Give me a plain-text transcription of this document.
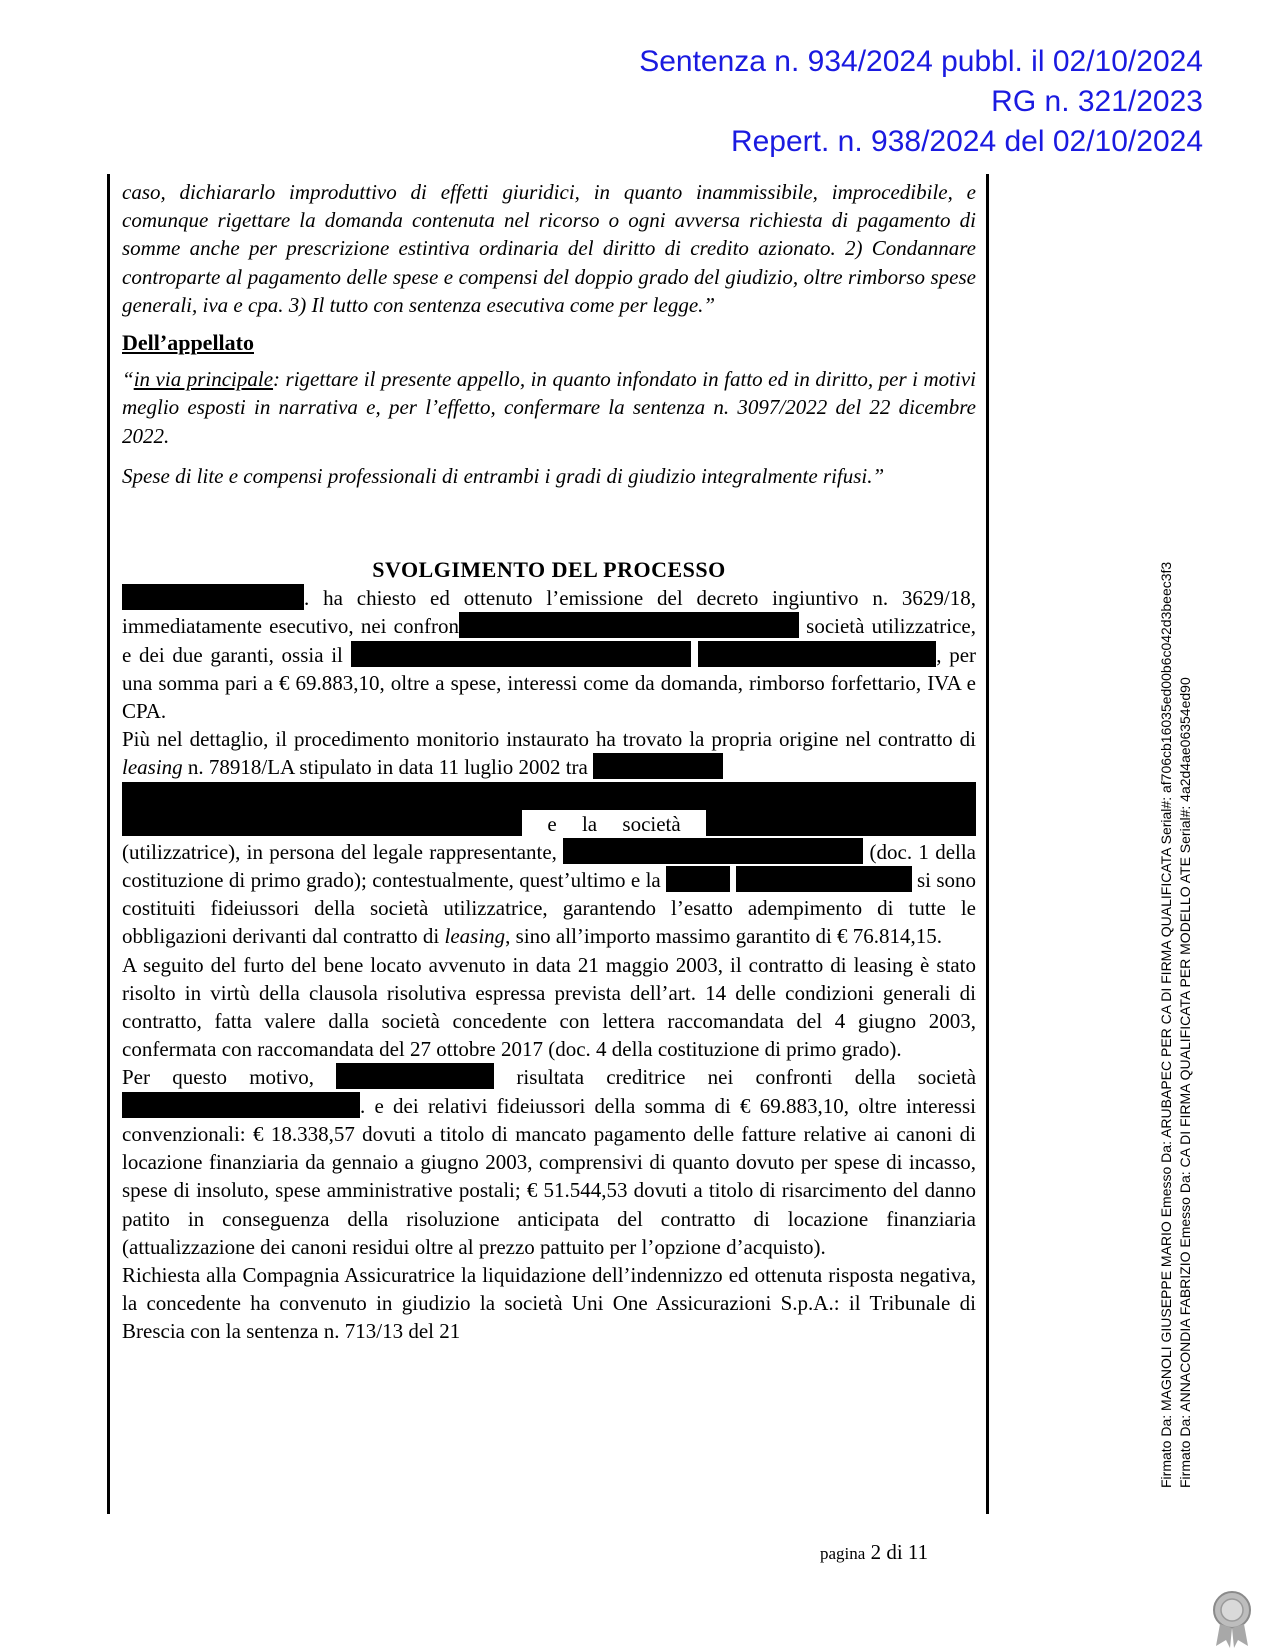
Sentenza n. 934/2024 pubbl. il 02/10/2024
RG n. 321/2023
Repert. n. 938/2024 del 02/10/2024

caso, dichiararlo improduttivo di effetti giuridici, in quanto inammissibile, improcedibile, e comunque rigettare la domanda contenuta nel ricorso o ogni avversa richiesta di pagamento di somme anche per prescrizione estintiva ordinaria del diritto di credito azionato. 2) Condannare controparte al pagamento delle spese e compensi del doppio grado del giudizio, oltre rimborso spese generali, iva e cpa. 3) Il tutto con sentenza esecutiva come per legge.”

Dell’appellato

“in via principale: rigettare il presente appello, in quanto infondato in fatto ed in diritto, per i motivi meglio esposti in narrativa e, per l’effetto, confermare la sentenza n. 3097/2022 del 22 dicembre 2022.

Spese di lite e compensi professionali di entrambi i gradi di giudizio integralmente rifusi.”

SVOLGIMENTO DEL PROCESSO

. ha chiesto ed ottenuto l’emissione del decreto ingiuntivo n. 3629/18, immediatamente esecutivo, nei confron	società utilizzatrice, e dei due garanti, ossia il	, per una somma pari a € 69.883,10, oltre a spese, interessi come da domanda, rimborso forfettario, IVA e CPA.

Più nel dettaglio, il procedimento monitorio instaurato ha trovato la propria origine nel contratto di leasing n. 78918/LA stipulato in data 11 luglio 2002 tra
e la società  (utilizzatrice), in persona del legale rappresentante,	(doc. 1 della costituzione di primo grado); contestualmente, quest’ultimo e la	si sono costituiti fideiussori della società utilizzatrice, garantendo l’esatto adempimento di tutte le obbligazioni derivanti dal contratto di leasing, sino all’importo massimo garantito di € 76.814,15.

A seguito del furto del bene locato avvenuto in data 21 maggio 2003, il contratto di leasing è stato risolto in virtù della clausola risolutiva espressa prevista dell’art. 14 delle condizioni generali di contratto, fatta valere dalla società concedente con lettera raccomandata del 4 giugno 2003, confermata con raccomandata del 27 ottobre 2017 (doc. 4 della costituzione di primo grado).

Per questo motivo,	risultata creditrice nei confronti della società . e dei relativi fideiussori della somma di € 69.883,10, oltre interessi convenzionali: € 18.338,57 dovuti a titolo di mancato pagamento delle fatture relative ai canoni di locazione finanziaria da gennaio a giugno 2003, comprensivi di quanto dovuto per spese di incasso, spese di insoluto, spese amministrative postali; € 51.544,53 dovuti a titolo di risarcimento del danno patito in conseguenza della risoluzione anticipata del contratto di locazione finanziaria (attualizzazione dei canoni residui oltre al prezzo pattuito per l’opzione d’acquisto).

Richiesta alla Compagnia Assicuratrice la liquidazione dell’indennizzo ed ottenuta risposta negativa, la concedente ha convenuto in giudizio la società Uni One Assicurazioni S.p.A.: il Tribunale di Brescia con la sentenza n. 713/13 del 21

pagina 2 di 11
Firmato Da: MAGNOLI GIUSEPPE MARIO Emesso Da: ARUBAPEC PER CA DI FIRMA QUALIFICATA Serial#: af706cb16035ed00b6c042d3beec3f3 Firmato Da: ANNACONDIA FABRIZIO Emesso Da: CA DI FIRMA QUALIFICATA PER MODELLO ATE Serial#: 4a2d4ae06354ed90
